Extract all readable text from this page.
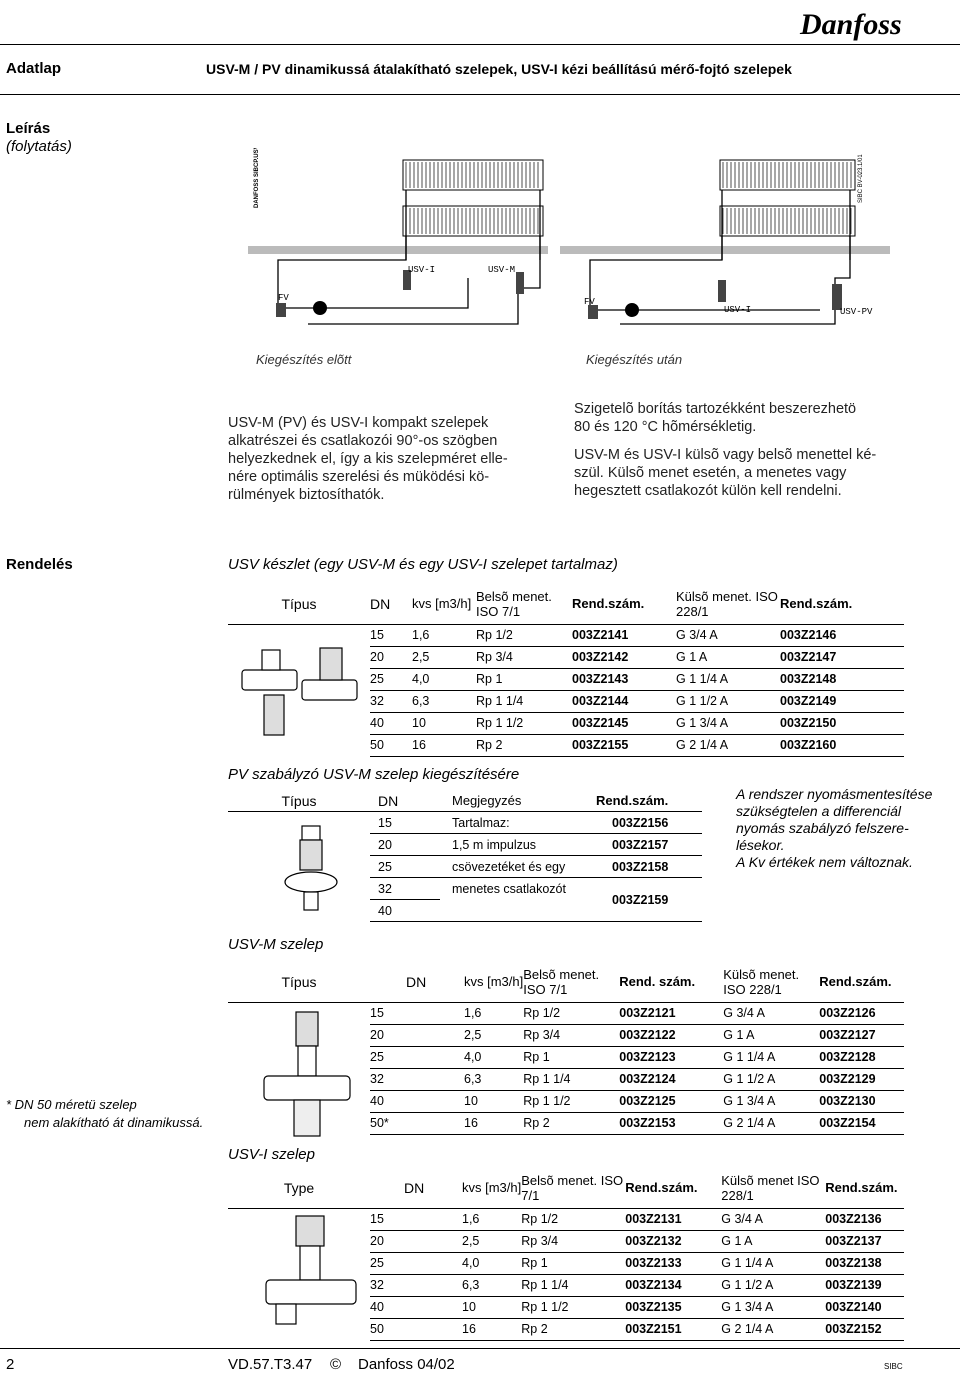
Danfoss
Adatlap	USV-M / PV dinamikussá átalakítható szelepek, USV-I kézi beállítású mérő-fojtó szelepek
Leírás
(folytatás)	DANFOSS SIBCP.USV.003.01
USV-I	USV-M
FV
SIBC BV-023.1/01
FV
USV-I	USV-PV
Kiegészítés elõtt	Kiegészítés után
USV-M (PV) és USV-I kompakt szelepek
alkatrészei és csatlakozói 90°-os szögben
helyezkednek el, így a kis szelepméret elle-
nére optimális szerelési és müködési kö-
rülmények biztosíthatók.
Szigetelõ borítás tartozékként beszerezhetö
80 és 120 °C hõmérsékletig.
USV-M és USV-I külsõ vagy belsõ menettel ké-
szül. Külsõ menet esetén, a menetes vagy
hegesztett csatlakozót külön kell rendelni.
Rendelés
* DN 50 méretü szelep
nem alakítható át dinamikussá.
USV készlet (egy USV-M és egy USV-I szelepet tartalmaz)
Típus	DN	kvs [m3/h]	Belsõ menet. ISO 7/1	Rend.szám.	Külsõ menet. ISO 228/1	Rend.szám.
	15	1,6	Rp 1/2	003Z2141	G 3/4 A	003Z2146
	20	2,5	Rp 3/4	003Z2142	G 1 A	003Z2147
	25	4,0	Rp 1	003Z2143	G 1 1/4 A	003Z2148
	32	6,3	Rp 1 1/4	003Z2144	G 1 1/2 A	003Z2149
	40	10	Rp 1 1/2	003Z2145	G 1 3/4 A	003Z2150
	50	16	Rp 2	003Z2155	G 2 1/4 A	003Z2160
PV szabályzó USV-M szelep kiegészítésére
Típus	DN	Megjegyzés	Rend.szám.
	15	Tartalmaz:	003Z2156
	20	1,5 m impulzus	003Z2157
	25	csövezetéket és egy	003Z2158
	32	menetes csatlakozót	003Z2159
	40		
A rendszer nyomásmentesítése
szükségtelen a differenciál
nyomás szabályzó felszere-
lésekor.
A Kv értékek nem változnak.
USV-M szelep
Típus	DN	kvs [m3/h]	Belsõ menet. ISO 7/1	Rend. szám.	Külsõ menet. ISO 228/1	Rend.szám.
	15	1,6	Rp 1/2	003Z2121	G 3/4 A	003Z2126
	20	2,5	Rp 3/4	003Z2122	G 1 A	003Z2127
	25	4,0	Rp 1	003Z2123	G 1 1/4 A	003Z2128
	32	6,3	Rp 1 1/4	003Z2124	G 1 1/2 A	003Z2129
	40	10	Rp 1 1/2	003Z2125	G 1 3/4 A	003Z2130
	50*	16	Rp 2	003Z2153	G 2 1/4 A	003Z2154
USV-I szelep
Type	DN	kvs [m3/h]	Belsõ menet. ISO 7/1	Rend.szám.	Külsõ menet ISO 228/1	Rend.szám.
	15	1,6	Rp 1/2	003Z2131	G 3/4 A	003Z2136
	20	2,5	Rp 3/4	003Z2132	G 1 A	003Z2137
	25	4,0	Rp 1	003Z2133	G 1 1/4 A	003Z2138
	32	6,3	Rp 1 1/4	003Z2134	G 1 1/2 A	003Z2139
	40	10	Rp 1 1/2	003Z2135	G 1 3/4 A	003Z2140
	50	16	Rp 2	003Z2151	G 2 1/4 A	003Z2152
2	VD.57.T3.47 © Danfoss 04/02	SIBC
